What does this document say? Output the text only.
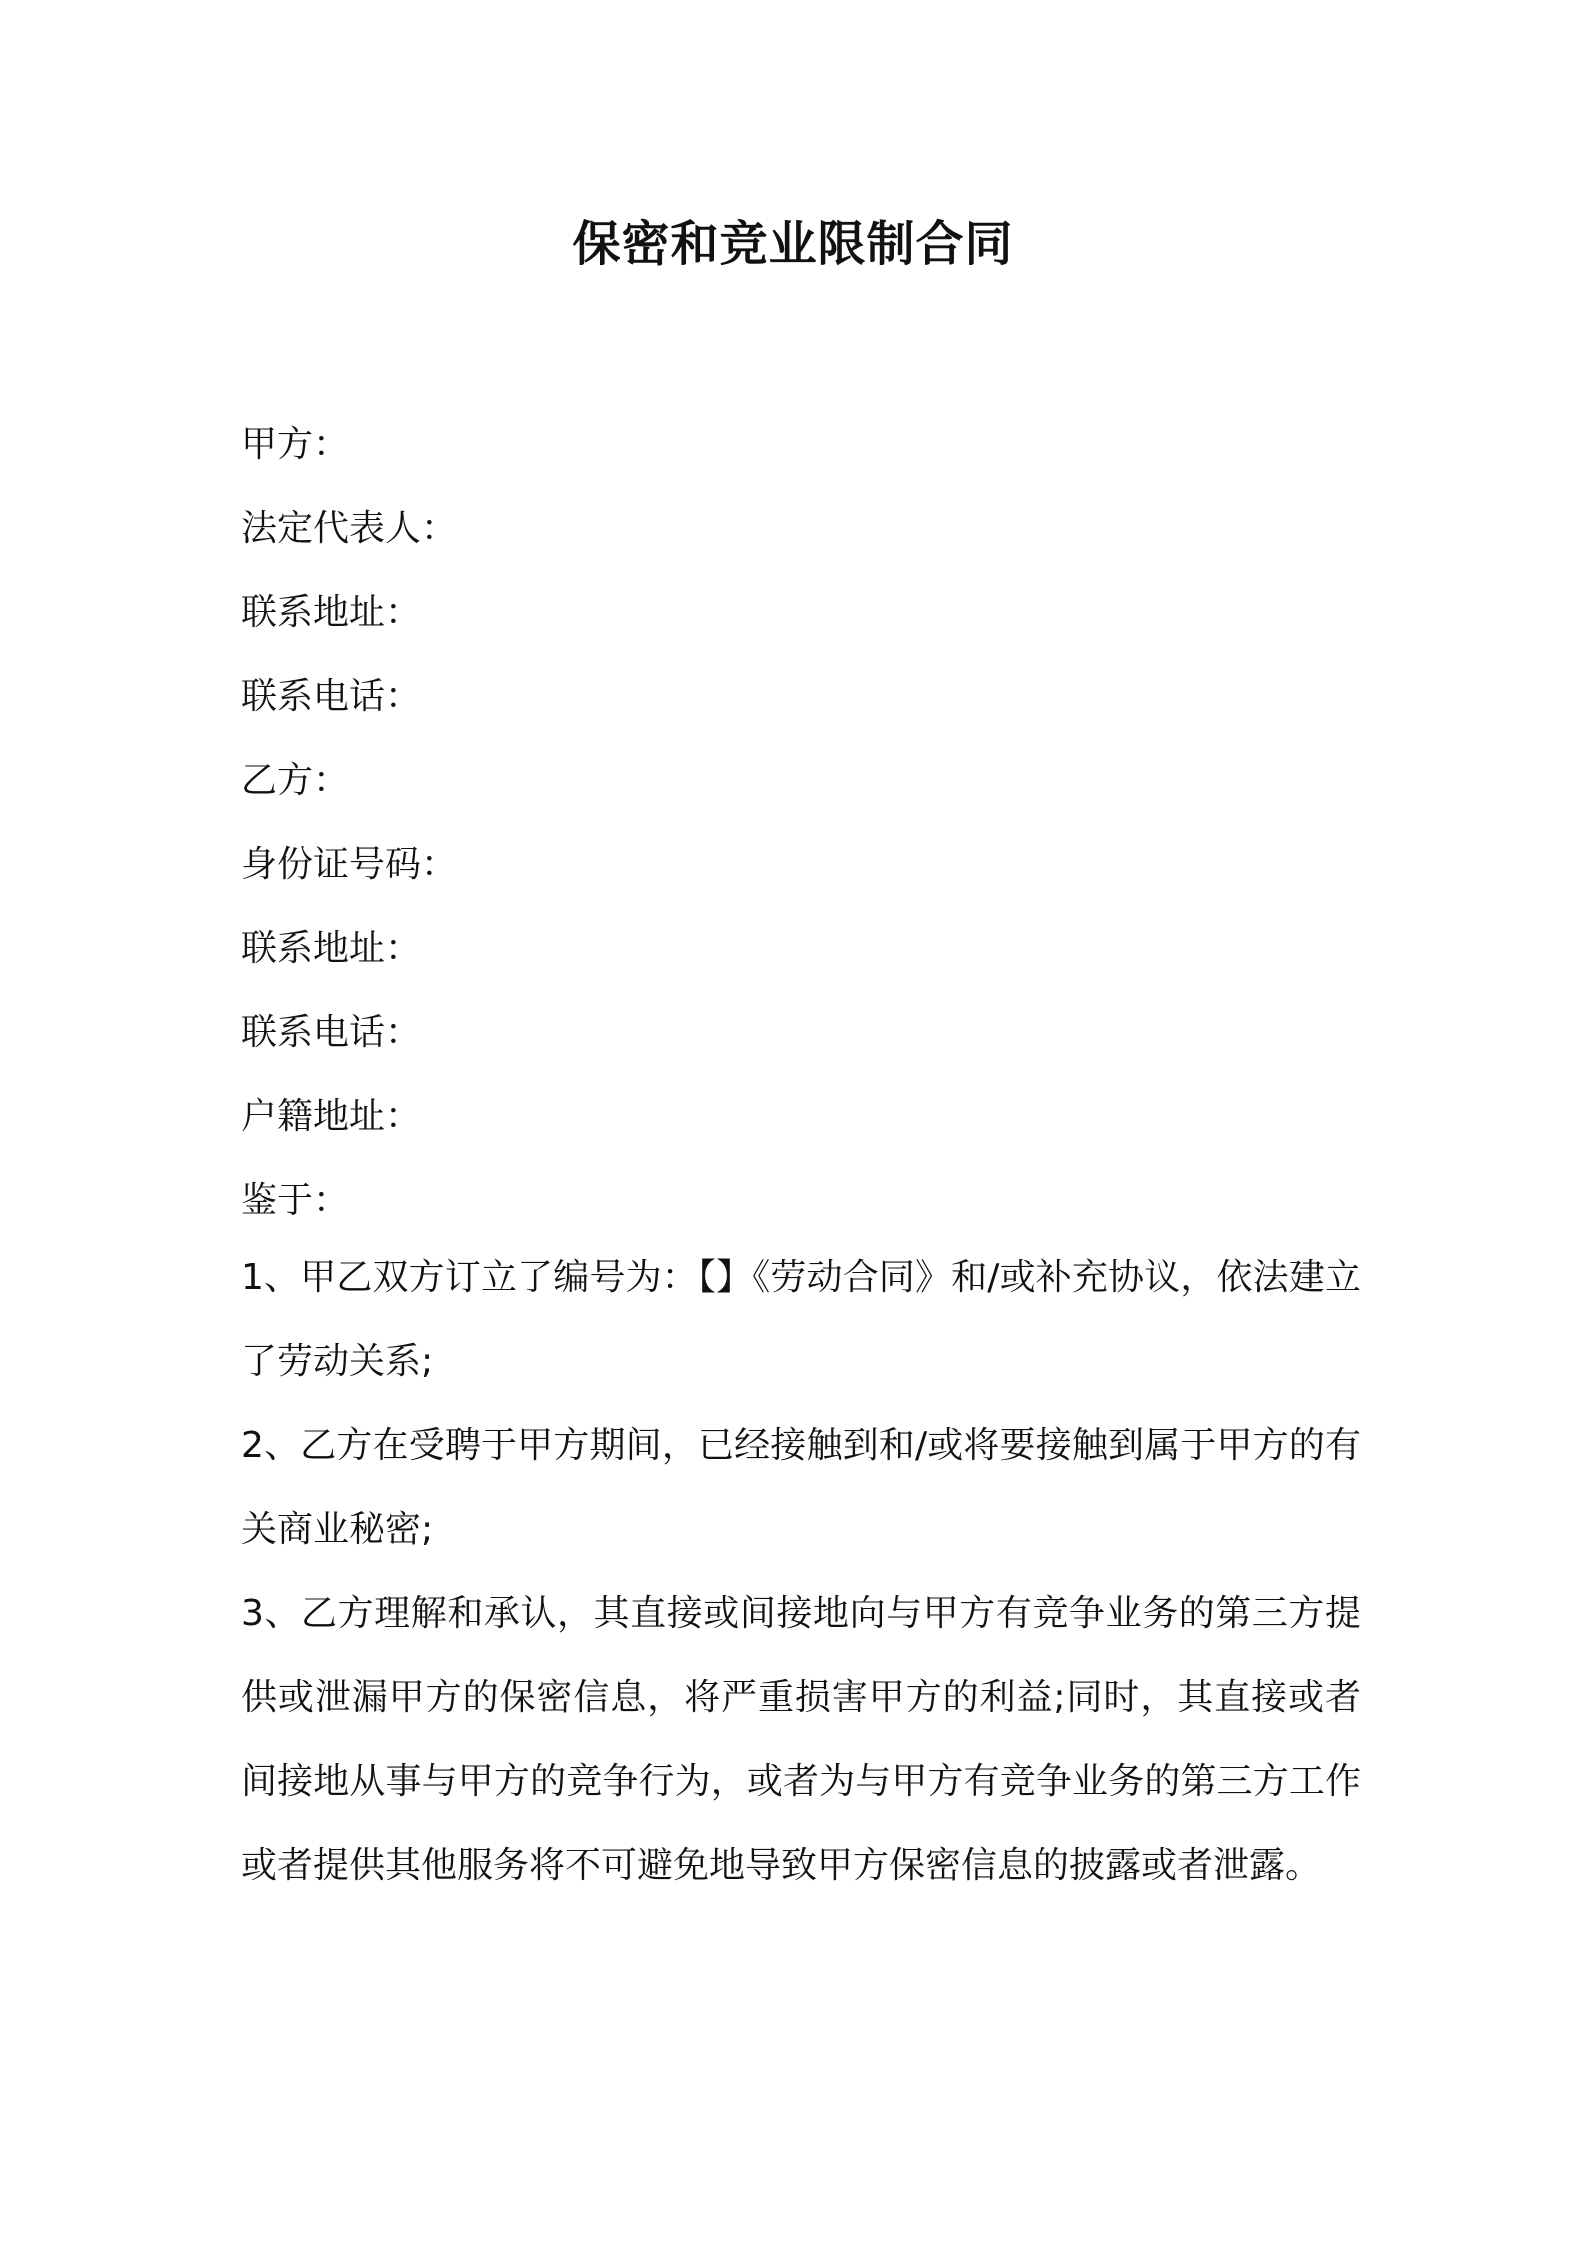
保密和竞业限制合同
甲方：
法定代表人：
联系地址：
联系电话：
乙方：
身份证号码：
联系地址：
联系电话：
户籍地址：
鉴于：

1、甲乙双方订立了编号为：【】《劳动合同》和/或补充协议，依法建立了劳动关系;

2、乙方在受聘于甲方期间，已经接触到和/或将要接触到属于甲方的有关商业秘密;

3、乙方理解和承认，其直接或间接地向与甲方有竞争业务的第三方提供或泄漏甲方的保密信息，将严重损害甲方的利益;同时，其直接或者间接地从事与甲方的竞争行为，或者为与甲方有竞争业务的第三方工作或者提供其他服务将不可避免地导致甲方保密信息的披露或者泄露。
